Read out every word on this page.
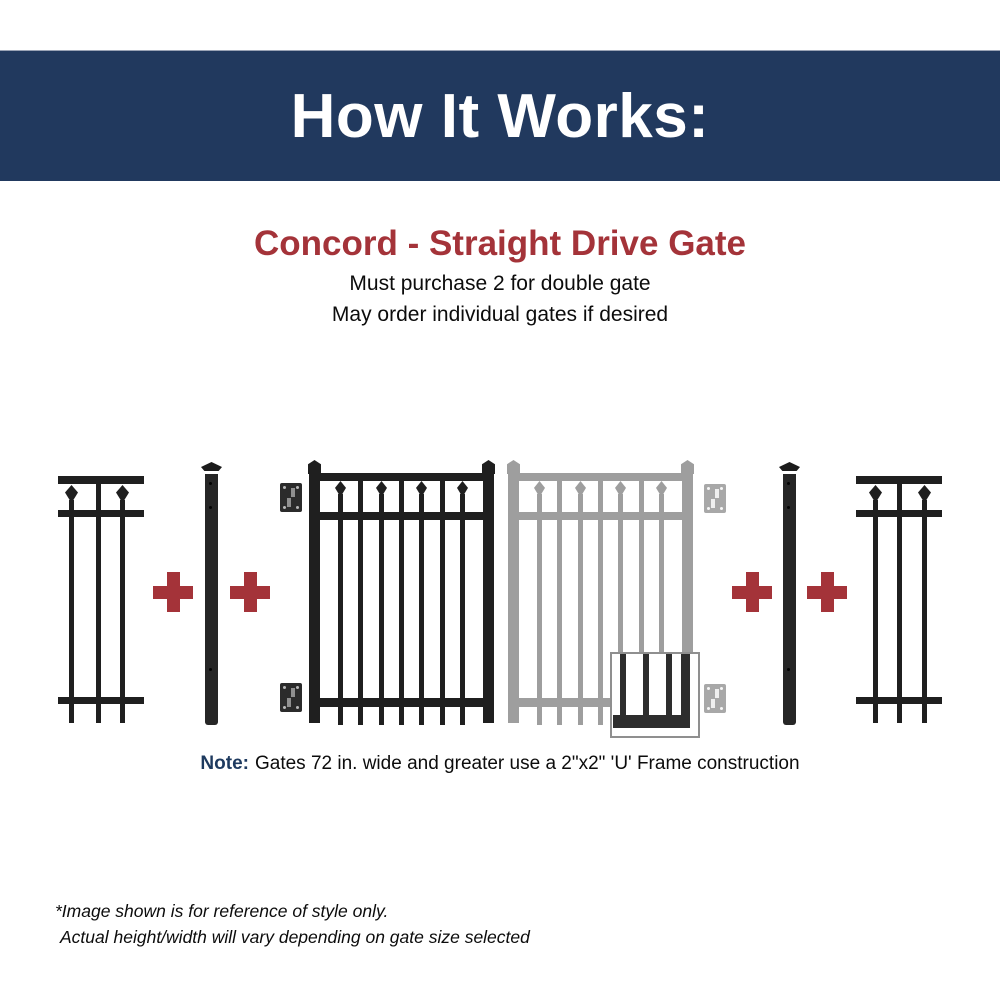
How It Works:
Concord - Straight Drive Gate
Must purchase 2 for double gate
May order individual gates if desired
Note: Gates 72 in. wide and greater use a 2"x2" 'U' Frame construction
*Image shown is for reference of style only.
Actual height/width will vary depending on gate size selected
